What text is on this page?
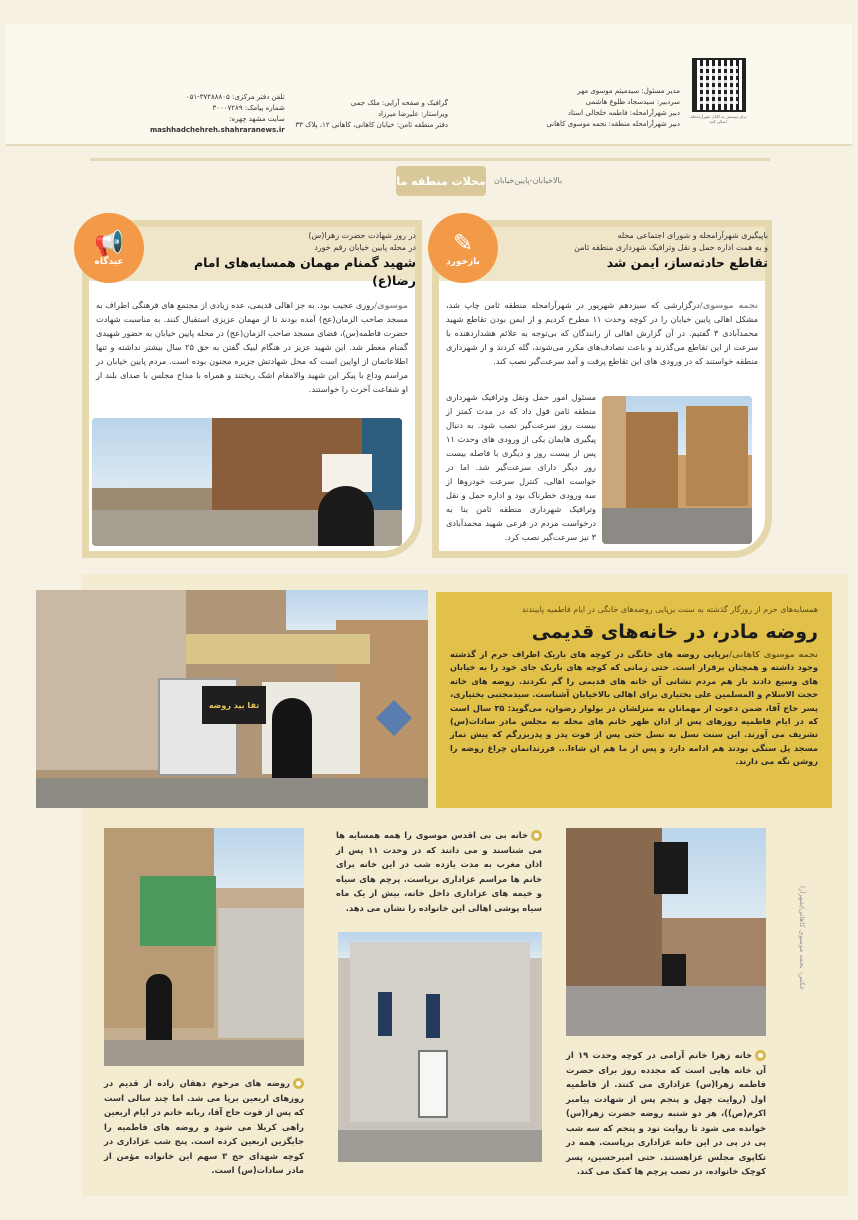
برای پیوستن به کانال شهرآرامحله، اسکن کنید
مدیر مسئول: سیدمیثم موسوی مهر
سردبیر: سیدسجاد طلوع هاشمی
دبیر شهرآرامحله: فاطمه خلخالی استاد
دبیر شهرآرامحله منطقه: نجمه موسوی کاهانی
گرافیک و صفحه آرایی: ملک جمی
ویراستار: علیرضا میرزاد
دفتر منطقه ثامن: خیابان کاهانی، کاهانی ۱۲، پلاک ۳۳
تلفن دفتر مرکزی: ۳۷۲۸۸۸۰۵-۰۵۱
شماره پیامک: ۳۰۰۰۷۲۸۹
سایت مشهد چهره:
mashhadchehreh.shahraranews.ir
محلات منطقه ما بالاخیابان-پایین‌خیابان
✎
بازخورد
باپیگیری شهرآرامحله و شورای اجتماعی محله
و به همت اداره حمل و نقل وترافیک شهرداری منطقه ثامن
تقاطع حادثه‌ساز، ایمن شد
نجمه موسوی/درگزارشی که سیزدهم شهریور در شهرآرامحله منطقه ثامن چاپ شد، مشکل اهالی پایین خیابان را در کوچه وحدت ۱۱ مطرح کردیم و از ایمن بودن تقاطع شهید محمدآبادی ۳ گفتیم. در آن گزارش اهالی از رانندگان که بی‌توجه به علائم هشداردهنده با سرعت از این تقاطع می‌گذرند و باعث تصادف‌های مکرر می‌شوند، گله کردند و از شهرداری منطقه خواستند که در ورودی های این تقاطع پرفت و آمد سرعت‌گیر نصب کند.
مسئول امور حمل ونقل وترافیک شهرداری منطقه ثامن قول داد که در مدت کمتر از بیست روز سرعت‌گیر نصب شود. به دنبال پیگیری هایمان یکی از ورودی های وحدت ۱۱ پس از بیست روز و دیگری با فاصله بیست روز دیگر دارای سرعت‌گیر شد. اما در خواست اهالی، کنترل سرعت خودروها از سه ورودی خطرناک بود و اداره حمل و نقل وترافیک شهرداری منطقه ثامن بنا به درخواست مردم در فرعی شهید محمدآبادی ۳ نیز سرعت‌گیر نصب کرد.
📢
عیدگاه
در روز شهادت حضرت زهرا(س)
در محله پایین خیابان رقم خورد
شهید گمنام مهمان همسایه‌های امام رضا(ع)
موسوی/روزی عجیب بود. به جز اهالی قدیمی، عده زیادی از مجتمع های فرهنگی اطراف به مسجد صاحب الزمان(عج) آمده بودند تا از مهمان عزیزی استقبال کنند. به مناسبت شهادت حضرت فاطمه(س)، فضای مسجد صاحب الزمان(عج) در محله پایین خیابان به حضور شهیدی گمنام معطر شد. این شهید عزیز در هنگام لبیک گفتن به حق ۲۵ سال بیشتر نداشته و تنها اطلاعاتمان از اوایین است که محل شهادتش جزیره مجنون بوده است. مردم پایین خیابان در مراسم وداع با پیکر این شهید والامقام اشک ریختند و همراه با مداح مجلس با صدای بلند از او شفاعت آخرت را خواستند.
تقا بید روضه
همسایه‌های حرم از روزگار گذشته به سنت برپایی روضه‌های خانگی در ایام فاطمیه پایبندند
روضه مادر، در خانه‌های قدیمی
نجمه موسوی کاهانی/برپایی روضه های خانگی در کوچه های باریک اطراف حرم از گذشته وجود داشته و همچنان برقرار است. حتی زمانی که کوچه های باریک جای خود را به خیابان های وسیع دادند باز هم مردم نشانی آن خانه های قدیمی را گم نکردند. روضه های خانه حجت الاسلام و المسلمین علی بختیاری برای اهالی بالاخیابان آشناست. سیدمجتبی بختیاری، پسر حاج آقا، ضمن دعوت از مهمانان به منزلشان در بولوار رضوان، می‌گوید: ۳۵ سال است که در ایام فاطمیه روزهای پس از اذان ظهر خانم های محله به مجلس مادر سادات(س) تشریف می آورند. این سنت نسل به نسل حتی پس از فوت پدر و پدربزرگم که پیش نماز مسجد پل سنگی بودند هم ادامه دارد و پس از ما هم ان شاء‌ا... فرزندانمان چراغ روضه را روشن نگه می دارند.
عکس: نجمه موسوی کاهانی/شهرآرا
روضه های مرحوم دهقان زاده از قدیم در روزهای اربعین برپا می شد. اما چند سالی است که پس از فوت حاج آقا، ربابه خانم در ایام اربعین راهی کربلا می شود و روضه های فاطمیه را جایگزین اربعین کرده است. پنج شب عزاداری در کوچه شهدای حج ۳ سهم این خانواده مؤمن از مادر سادات(س) است.
خانه بی بی اقدس موسوی را همه همسایه ها می شناسند و می دانند که در وحدت ۱۱ پس از اذان مغرب به مدت یازده شب در این خانه برای خانم ها مراسم عزاداری برپاست. پرچم های سیاه و خیمه های عزاداری داخل خانه، بیش از یک ماه سیاه پوشی اهالی این خانواده را نشان می دهد.
خانه زهرا خانم آرامی در کوچه وحدت ۱۹ از آن خانه هایی است که مجدده روز برای حضرت فاطمه زهرا(س) عزاداری می کنند. از فاطمیه اول (روایت چهل و پنجم پس از شهادت پیامبر اکرم(ص))، هر دو شنبه روضه حضرت زهرا(س) خوانده می شود تا روایت نود و پنجم که سه شب پی در پی در این خانه عزاداری برپاست. همه در تکاپوی مجلس عزاهستند. حتی امیرحسین، پسر کوچک خانواده، در نصب پرچم ها کمک می کند.
